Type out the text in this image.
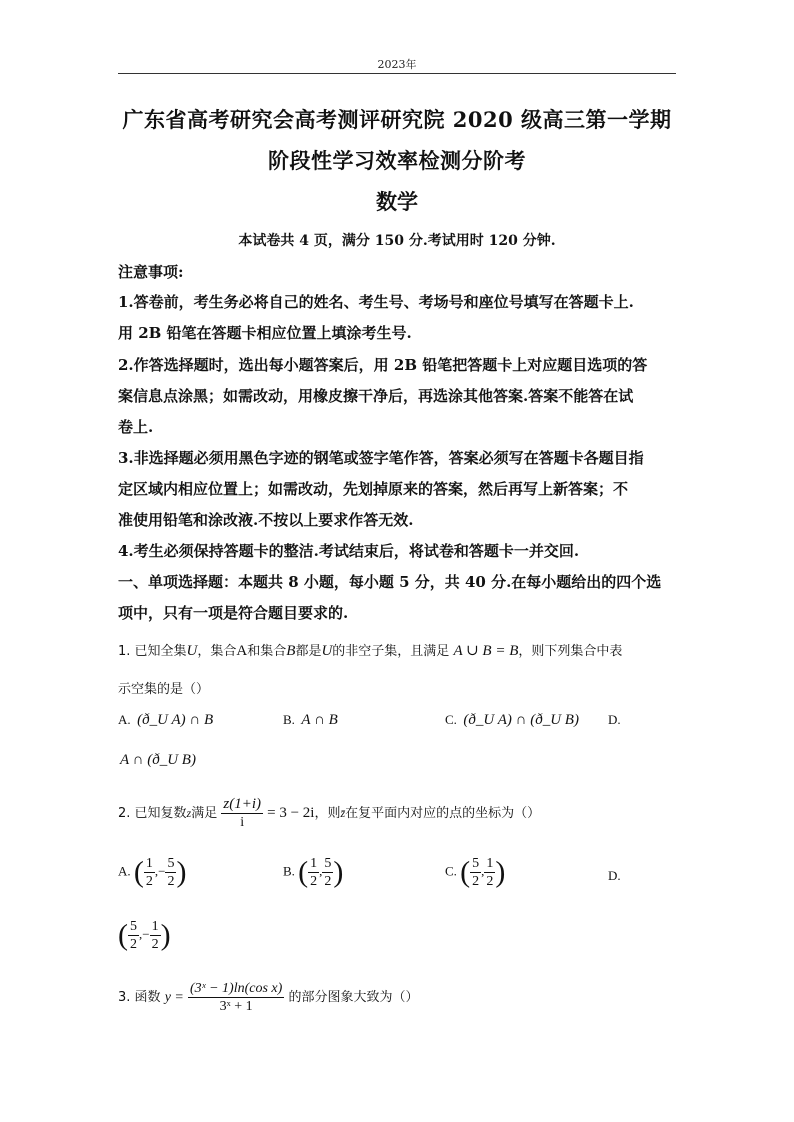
2023年
广东省高考研究会高考测评研究院 2020 级高三第一学期
阶段性学习效率检测分阶考
数学
本试卷共 4 页，满分 150 分.考试用时 120 分钟.
注意事项:
1.答卷前，考生务必将自己的姓名、考生号、考场号和座位号填写在答题卡上.
用 2B 铅笔在答题卡相应位置上填涂考生号.
2.作答选择题时，选出每小题答案后，用 2B 铅笔把答题卡上对应题目选项的答
案信息点涂黑；如需改动，用橡皮擦干净后，再选涂其他答案.答案不能答在试
卷上.
3.非选择题必须用黑色字迹的钢笔或签字笔作答，答案必须写在答题卡各题目指
定区域内相应位置上；如需改动，先划掉原来的答案，然后再写上新答案；不
准使用铅笔和涂改液.不按以上要求作答无效.
4.考生必须保持答题卡的整洁.考试结束后，将试卷和答题卡一并交回.
一、单项选择题：本题共 8 小题，每小题 5 分，共 40 分.在每小题给出的四个选
项中，只有一项是符合题目要求的.
1. 已知全集U，集合A和集合B都是U的非空子集，且满足 A ∪ B = B，则下列集合中表
示空集的是（）
A. (ð_U A) ∩ B	B. A ∩ B	C. (ð_U A) ∩ (ð_U B) D.
A ∩ (ð_U B)
2. 已知复数z满足 $\frac{z(1+i)}{i} = 3 - 2i$，则z̄在复平面内对应的点的坐标为（）
A. ( $\frac{1}{2}$ ,− $\frac{5}{2}$ )	B. ( $\frac{1}{2}$ , $\frac{5}{2}$ )	C. ( $\frac{5}{2}$ , $\frac{1}{2}$ )	D.
( $\frac{5}{2}$ ,− $\frac{1}{2}$ )
3. 函数 $y = \frac{\text{(3ˣ − 1)ln(cos x)}}{\text{3ˣ + 1}}$ 的部分图象大致为（）
